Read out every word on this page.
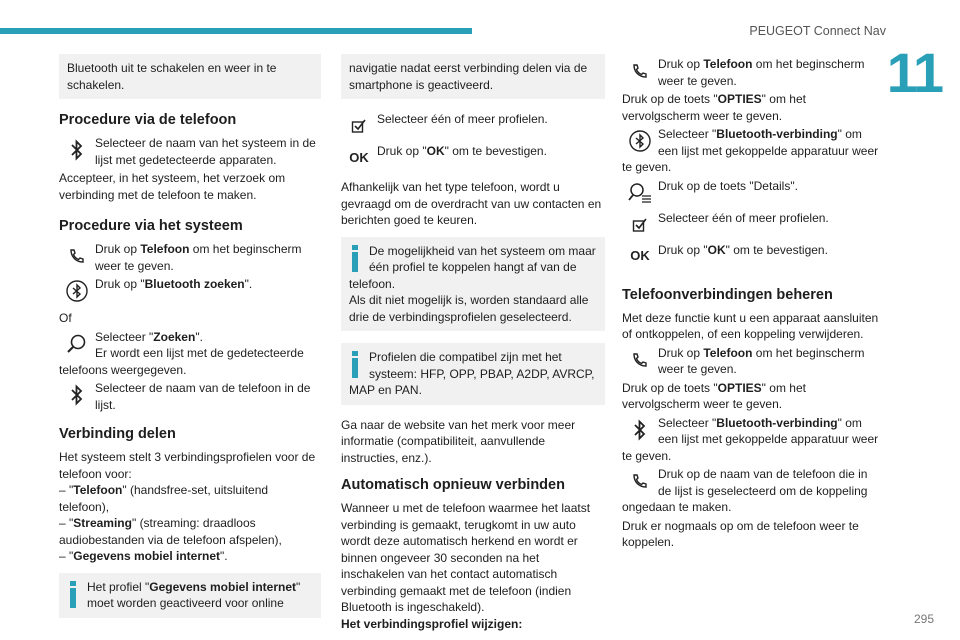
PEUGEOT Connect Nav
11
295
Bluetooth uit te schakelen en weer in te schakelen.
Procedure via de telefoon
Selecteer de naam van het systeem in de lijst met gedetecteerde apparaten.

Accepteer, in het systeem, het verzoek om verbinding met de telefoon te maken.

Procedure via het systeem
Druk op Telefoon om het beginscherm weer te geven.
Druk op "Bluetooth zoeken".

Of

Selecteer "Zoeken".
Er wordt een lijst met de gedetecteerde telefoons weergegeven.
Selecteer de naam van de telefoon in de lijst.
Verbinding delen

Het systeem stelt 3 verbindingsprofielen voor de telefoon voor:

– "Telefoon" (handsfree-set, uitsluitend telefoon),

– "Streaming" (streaming: draadloos audiobestanden via de telefoon afspelen),

– "Gegevens mobiel internet".

Het profiel "Gegevens mobiel internet" moet worden geactiveerd voor online
navigatie nadat eerst verbinding delen via de smartphone is geactiveerd.
Selecteer één of meer profielen.
OK Druk op "OK" om te bevestigen.

Afhankelijk van het type telefoon, wordt u gevraagd om de overdracht van uw contacten en berichten goed te keuren.

De mogelijkheid van het systeem om maar één profiel te koppelen hangt af van de telefoon.
Als dit niet mogelijk is, worden standaard alle drie de verbindingsprofielen geselecteerd.
Profielen die compatibel zijn met het systeem: HFP, OPP, PBAP, A2DP, AVRCP, MAP en PAN.

Ga naar de website van het merk voor meer informatie (compatibiliteit, aanvullende instructies, enz.).

Automatisch opnieuw verbinden

Wanneer u met de telefoon waarmee het laatst verbinding is gemaakt, terugkomt in uw auto wordt deze automatisch herkend en wordt er binnen ongeveer 30 seconden na het inschakelen van het contact automatisch verbinding gemaakt met de telefoon (indien Bluetooth is ingeschakeld).

Het verbindingsprofiel wijzigen:

Druk op Telefoon om het beginscherm weer te geven.

Druk op de toets "OPTIES" om het vervolgscherm weer te geven.

Selecteer "Bluetooth-verbinding" om een lijst met gekoppelde apparatuur weer te geven.
Druk op de toets "Details".
Selecteer één of meer profielen.
OK Druk op "OK" om te bevestigen.
Telefoonverbindingen beheren

Met deze functie kunt u een apparaat aansluiten of ontkoppelen, of een koppeling verwijderen.

Druk op Telefoon om het beginscherm weer te geven.

Druk op de toets "OPTIES" om het vervolgscherm weer te geven.

Selecteer "Bluetooth-verbinding" om een lijst met gekoppelde apparatuur weer te geven.
Druk op de naam van de telefoon die in de lijst is geselecteerd om de koppeling ongedaan te maken.

Druk er nogmaals op om de telefoon weer te koppelen.
